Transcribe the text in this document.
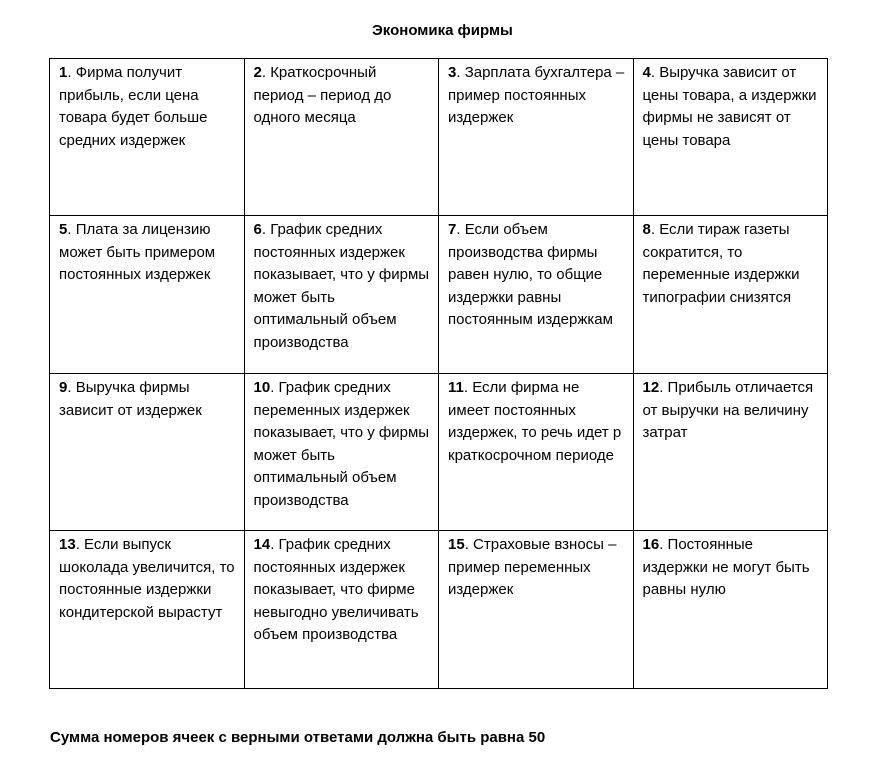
Экономика фирмы
1. Фирма получит прибыль, если цена товара будет больше средних издержек	2. Краткосрочный период – период до одного месяца	3. Зарплата бухгалтера – пример постоянных издержек	4. Выручка зависит от цены товара, а издержки фирмы не зависят от цены товара
5. Плата за лицензию может быть примером постоянных издержек	6. График средних постоянных издержек показывает, что у фирмы может быть оптимальный объем производства	7. Если объем производства фирмы равен нулю, то общие издержки равны постоянным издержкам	8. Если тираж газеты сократится, то переменные издержки типографии снизятся
9. Выручка фирмы зависит от издержек	10. График средних переменных издержек показывает, что у фирмы может быть оптимальный объем производства	11. Если фирма не имеет постоянных издержек, то речь идет р краткосрочном периоде	12. Прибыль отличается от выручки на величину затрат
13. Если выпуск шоколада увеличится, то постоянные издержки кондитерской вырастут	14. График средних постоянных издержек показывает, что фирме невыгодно увеличивать объем производства	15. Страховые взносы – пример переменных издержек	16. Постоянные издержки не могут быть равны нулю
Сумма номеров ячеек с верными ответами должна быть равна 50
